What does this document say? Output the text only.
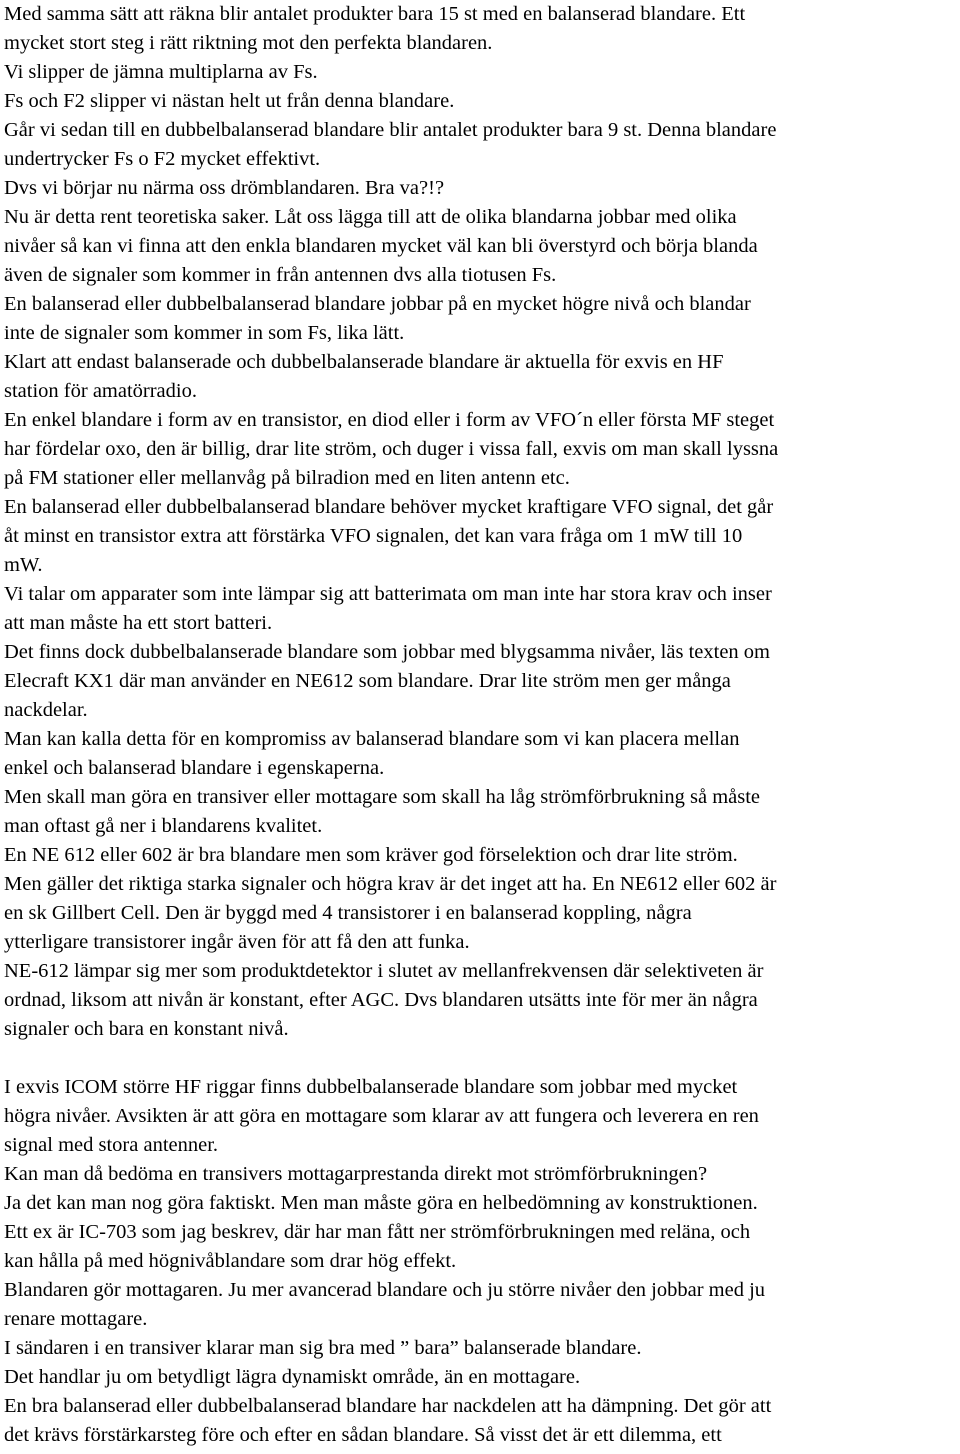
Med samma sätt att räkna blir antalet produkter bara 15 st med en balanserad blandare. Ett
mycket stort steg i rätt riktning mot den perfekta blandaren.
Vi slipper de jämna multiplarna av Fs.
Fs och F2 slipper vi nästan helt ut från denna blandare.
Går vi sedan till en dubbelbalanserad blandare blir antalet produkter bara 9 st. Denna blandare
undertrycker Fs o F2 mycket effektivt.
Dvs vi börjar nu närma oss drömblandaren. Bra va?!?
Nu är detta rent teoretiska saker. Låt oss lägga till att de olika blandarna jobbar med olika
nivåer så kan vi finna att den enkla blandaren mycket väl kan bli överstyrd och börja blanda
även de signaler som kommer in från antennen dvs alla tiotusen Fs.
En balanserad eller dubbelbalanserad blandare jobbar på en mycket högre nivå och blandar
inte de signaler som kommer in som Fs, lika lätt.
Klart att endast balanserade och dubbelbalanserade blandare är aktuella för exvis en HF
station för amatörradio.
En enkel blandare i form av en transistor, en diod eller i form av VFO´n eller första MF steget
har fördelar oxo, den är billig, drar lite ström, och duger i vissa fall, exvis om man skall lyssna
på FM stationer eller mellanvåg på bilradion med en liten antenn etc.
En balanserad eller dubbelbalanserad blandare behöver mycket kraftigare VFO signal, det går
åt minst en transistor extra att förstärka VFO signalen, det kan vara fråga om 1 mW till 10
mW.
Vi talar om apparater som inte lämpar sig att batterimata om man inte har stora krav och inser
att man måste ha ett stort batteri.
Det finns dock dubbelbalanserade blandare som jobbar med blygsamma nivåer, läs texten om
Elecraft KX1 där man använder en NE612 som blandare. Drar lite ström men ger många
nackdelar.
Man kan kalla detta för en kompromiss av balanserad blandare som vi kan placera mellan
enkel och balanserad blandare i egenskaperna.
Men skall man göra en transiver eller mottagare som skall ha låg strömförbrukning så måste
man oftast gå ner i blandarens kvalitet.
En NE 612 eller 602 är bra blandare men som kräver god förselektion och drar lite ström.
Men gäller det riktiga starka signaler och högra krav är det inget att ha. En NE612 eller 602 är
en sk Gillbert Cell. Den är byggd med 4 transistorer i en balanserad koppling, några
ytterligare transistorer ingår även för att få den att funka.
NE-612 lämpar sig mer som produktdetektor i slutet av mellanfrekvensen där selektiveten är
ordnad, liksom att nivån är konstant, efter AGC. Dvs blandaren utsätts inte för mer än några
signaler och bara en konstant nivå.
I exvis ICOM större HF riggar finns dubbelbalanserade blandare som jobbar med mycket
högra nivåer. Avsikten är att göra en mottagare som klarar av att fungera och leverera en ren
signal med stora antenner.
Kan man då bedöma en transivers mottagarprestanda direkt mot strömförbrukningen?
Ja det kan man nog göra faktiskt. Men man måste göra en helbedömning av konstruktionen.
Ett ex är IC-703 som jag beskrev, där har man fått ner strömförbrukningen med reläna, och
kan hålla på med högnivåblandare som drar hög effekt.
Blandaren gör mottagaren. Ju mer avancerad blandare och ju större nivåer den jobbar med ju
renare mottagare.
I sändaren i en transiver klarar man sig bra med ” bara” balanserade blandare.
Det handlar ju om betydligt lägra dynamiskt område, än en mottagare.
En bra balanserad eller dubbelbalanserad blandare har nackdelen att ha dämpning. Det gör att
det krävs förstärkarsteg före och efter en sådan blandare. Så visst det är ett dilemma, ett
